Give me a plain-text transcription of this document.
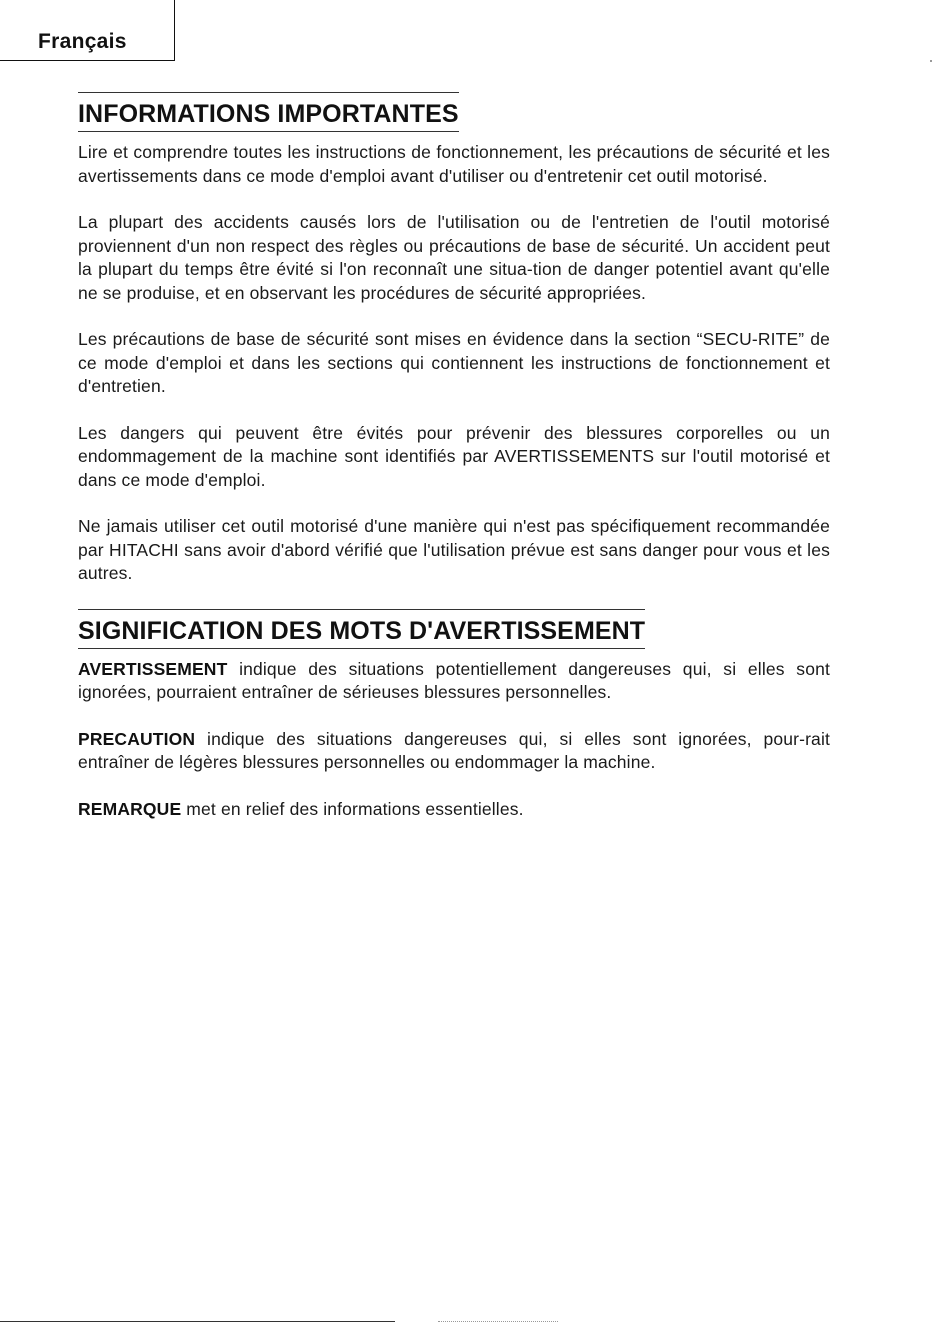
Français
INFORMATIONS IMPORTANTES

Lire et comprendre toutes les instructions de fonctionnement, les précautions de sécurité et les avertissements dans ce mode d'emploi avant d'utiliser ou d'entretenir cet outil motorisé.

La plupart des accidents causés lors de l'utilisation ou de l'entretien de l'outil motorisé proviennent d'un non respect des règles ou précautions de base de sécurité. Un accident peut la plupart du temps être évité si l'on reconnaît une situa-tion de danger potentiel avant qu'elle ne se produise, et en observant les procédures de sécurité appropriées.

Les précautions de base de sécurité sont mises en évidence dans la section “SECU-RITE” de ce mode d'emploi et dans les sections qui contiennent les instructions de fonctionnement et d'entretien.

Les dangers qui peuvent être évités pour prévenir des blessures corporelles ou un endommagement de la machine sont identifiés par AVERTISSEMENTS sur l'outil motorisé et dans ce mode d'emploi.

Ne jamais utiliser cet outil motorisé d'une manière qui n'est pas spécifiquement recommandée par HITACHI sans avoir d'abord vérifié que l'utilisation prévue est sans danger pour vous et les autres.

SIGNIFICATION DES MOTS D'AVERTISSEMENT

AVERTISSEMENT indique des situations potentiellement dangereuses qui, si elles sont ignorées, pourraient entraîner de sérieuses blessures personnelles.

PRECAUTION indique des situations dangereuses qui, si elles sont ignorées, pour-rait entraîner de légères blessures personnelles ou endommager la machine.

REMARQUE met en relief des informations essentielles.
